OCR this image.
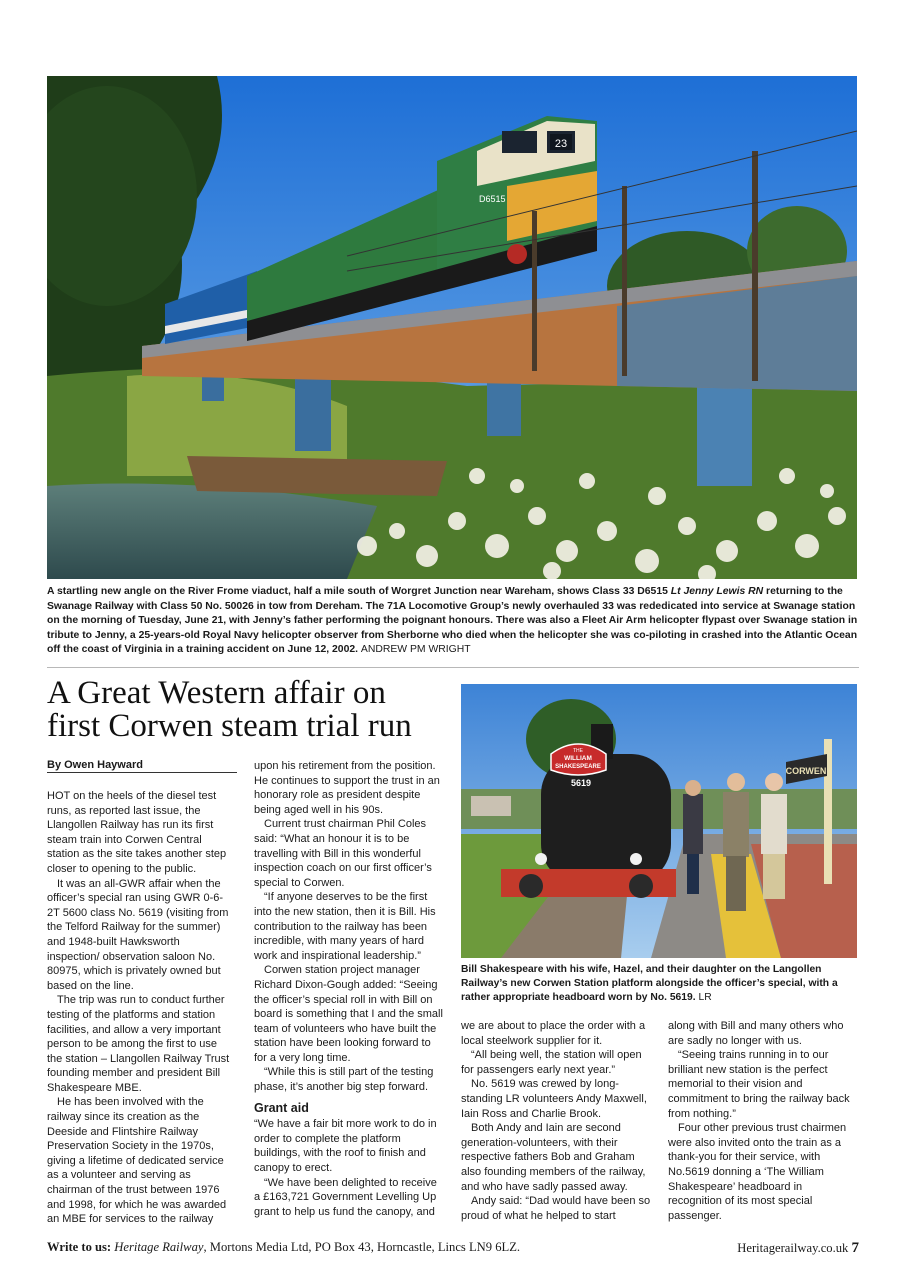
23
D6515
A startling new angle on the River Frome viaduct, half a mile south of Worgret Junction near Wareham, shows Class 33 D6515 Lt Jenny Lewis RN returning to the Swanage Railway with Class 50 No. 50026 in tow from Dereham. The 71A Locomotive Group’s newly overhauled 33 was rededicated into service at Swanage station on the morning of Tuesday, June 21, with Jenny’s father performing the poignant honours. There was also a Fleet Air Arm helicopter flypast over Swanage station in tribute to Jenny, a 25-years-old Royal Navy helicopter observer from Sherborne who died when the helicopter she was co-piloting in crashed into the Atlantic Ocean off the coast of Virginia in a training accident on June 12, 2002. ANDREW PM WRIGHT
A Great Western affair on first Corwen steam trial run
By Owen Hayward

HOT on the heels of the diesel test runs, as reported last issue, the Llangollen Railway has run its first steam train into Corwen Central station as the site takes another step closer to opening to the public.

It was an all-GWR affair when the officer’s special ran using GWR 0-6-2T 5600 class No. 5619 (visiting from the Telford Railway for the summer) and 1948-built Hawksworth inspection/ observation saloon No. 80975, which is privately owned but based on the line.

The trip was run to conduct further testing of the platforms and station facilities, and allow a very important person to be among the first to use the station – Llangollen Railway Trust founding member and president Bill Shakespeare MBE.

He has been involved with the railway since its creation as the Deeside and Flintshire Railway Preservation Society in the 1970s, giving a lifetime of dedicated service as a volunteer and serving as chairman of the trust between 1976 and 1998, for which he was awarded an MBE for services to the railway

upon his retirement from the position. He continues to support the trust in an honorary role as president despite being aged well in his 90s.

Current trust chairman Phil Coles said: “What an honour it is to be travelling with Bill in this wonderful inspection coach on our first officer’s special to Corwen.

“If anyone deserves to be the first into the new station, then it is Bill. His contribution to the railway has been incredible, with many years of hard work and inspirational leadership.”

Corwen station project manager Richard Dixon-Gough added: “Seeing the officer’s special roll in with Bill on board is something that I and the small team of volunteers who have built the station have been looking forward to for a very long time.

“While this is still part of the testing phase, it’s another big step forward.

Grant aid

“We have a fair bit more work to do in order to complete the platform buildings, with the roof to finish and canopy to erect.

“We have been delighted to receive a £163,721 Government Levelling Up grant to help us fund the canopy, and

THE
WILLIAM
SHAKESPEARE
5619
CORWEN
Bill Shakespeare with his wife, Hazel, and their daughter on the Langollen Railway’s new Corwen Station platform alongside the officer’s special, with a rather appropriate headboard worn by No. 5619. LR

we are about to place the order with a local steelwork supplier for it.

“All being well, the station will open for passengers early next year.”

No. 5619 was crewed by long-standing LR volunteers Andy Maxwell, Iain Ross and Charlie Brook.

Both Andy and Iain are second generation-volunteers, with their respective fathers Bob and Graham also founding members of the railway, and who have sadly passed away.

Andy said: “Dad would have been so proud of what he helped to start

along with Bill and many others who are sadly no longer with us.

“Seeing trains running in to our brilliant new station is the perfect memorial to their vision and commitment to bring the railway back from nothing.”

Four other previous trust chairmen were also invited onto the train as a thank-you for their service, with No.5619 donning a ‘The William Shakespeare’ headboard in recognition of its most special passenger.

Write to us: Heritage Railway, Mortons Media Ltd, PO Box 43, Horncastle, Lincs LN9 6LZ.	Heritagerailway.co.uk 7
